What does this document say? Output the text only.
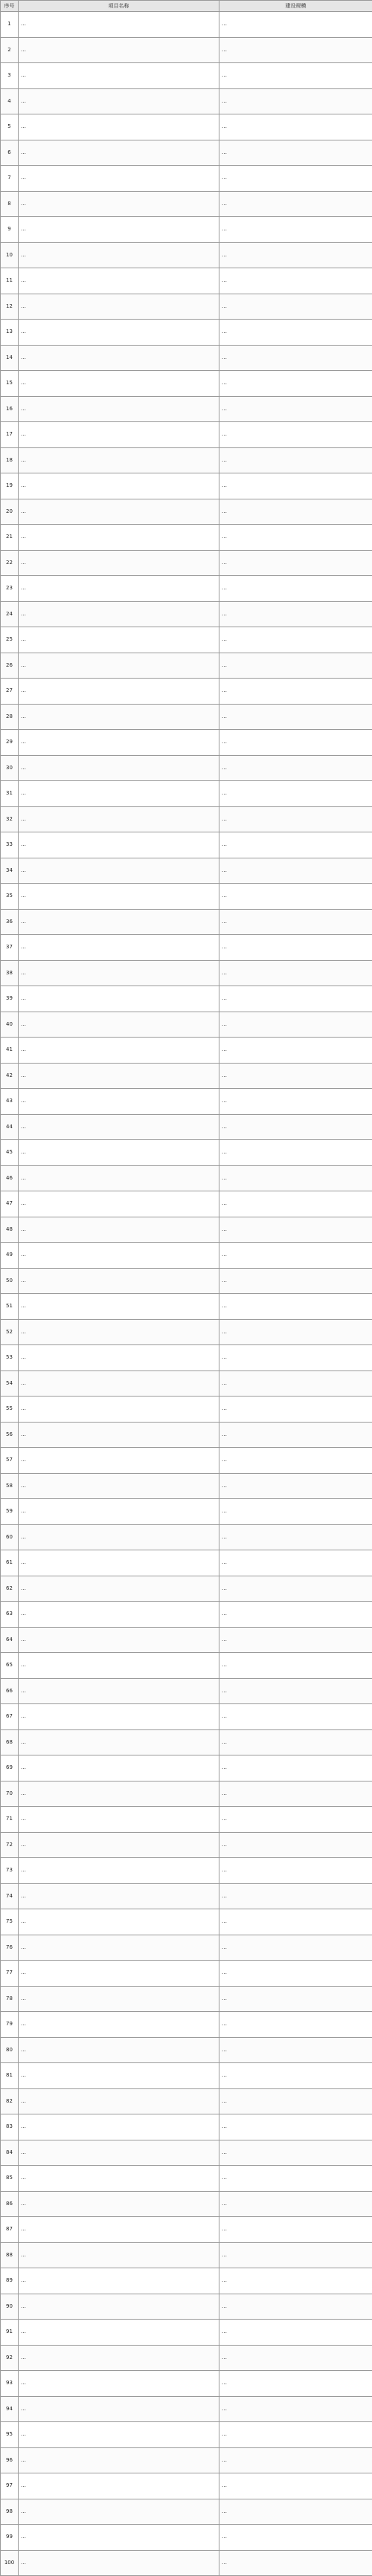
序号	项目名称	建设规模
1	…	…
2	…	…
3	…	…
4	…	…
5	…	…
6	…	…
7	…	…
8	…	…
9	…	…
10	…	…
11	…	…
12	…	…
13	…	…
14	…	…
15	…	…
16	…	…
17	…	…
18	…	…
19	…	…
20	…	…
21	…	…
22	…	…
23	…	…
24	…	…
25	…	…
26	…	…
27	…	…
28	…	…
29	…	…
30	…	…
31	…	…
32	…	…
33	…	…
34	…	…
35	…	…
36	…	…
37	…	…
38	…	…
39	…	…
40	…	…
41	…	…
42	…	…
43	…	…
44	…	…
45	…	…
46	…	…
47	…	…
48	…	…
49	…	…
50	…	…
51	…	…
52	…	…
53	…	…
54	…	…
55	…	…
56	…	…
57	…	…
58	…	…
59	…	…
60	…	…
61	…	…
62	…	…
63	…	…
64	…	…
65	…	…
66	…	…
67	…	…
68	…	…
69	…	…
70	…	…
71	…	…
72	…	…
73	…	…
74	…	…
75	…	…
76	…	…
77	…	…
78	…	…
79	…	…
80	…	…
81	…	…
82	…	…
83	…	…
84	…	…
85	…	…
86	…	…
87	…	…
88	…	…
89	…	…
90	…	…
91	…	…
92	…	…
93	…	…
94	…	…
95	…	…
96	…	…
97	…	…
98	…	…
99	…	…
100	…	…
